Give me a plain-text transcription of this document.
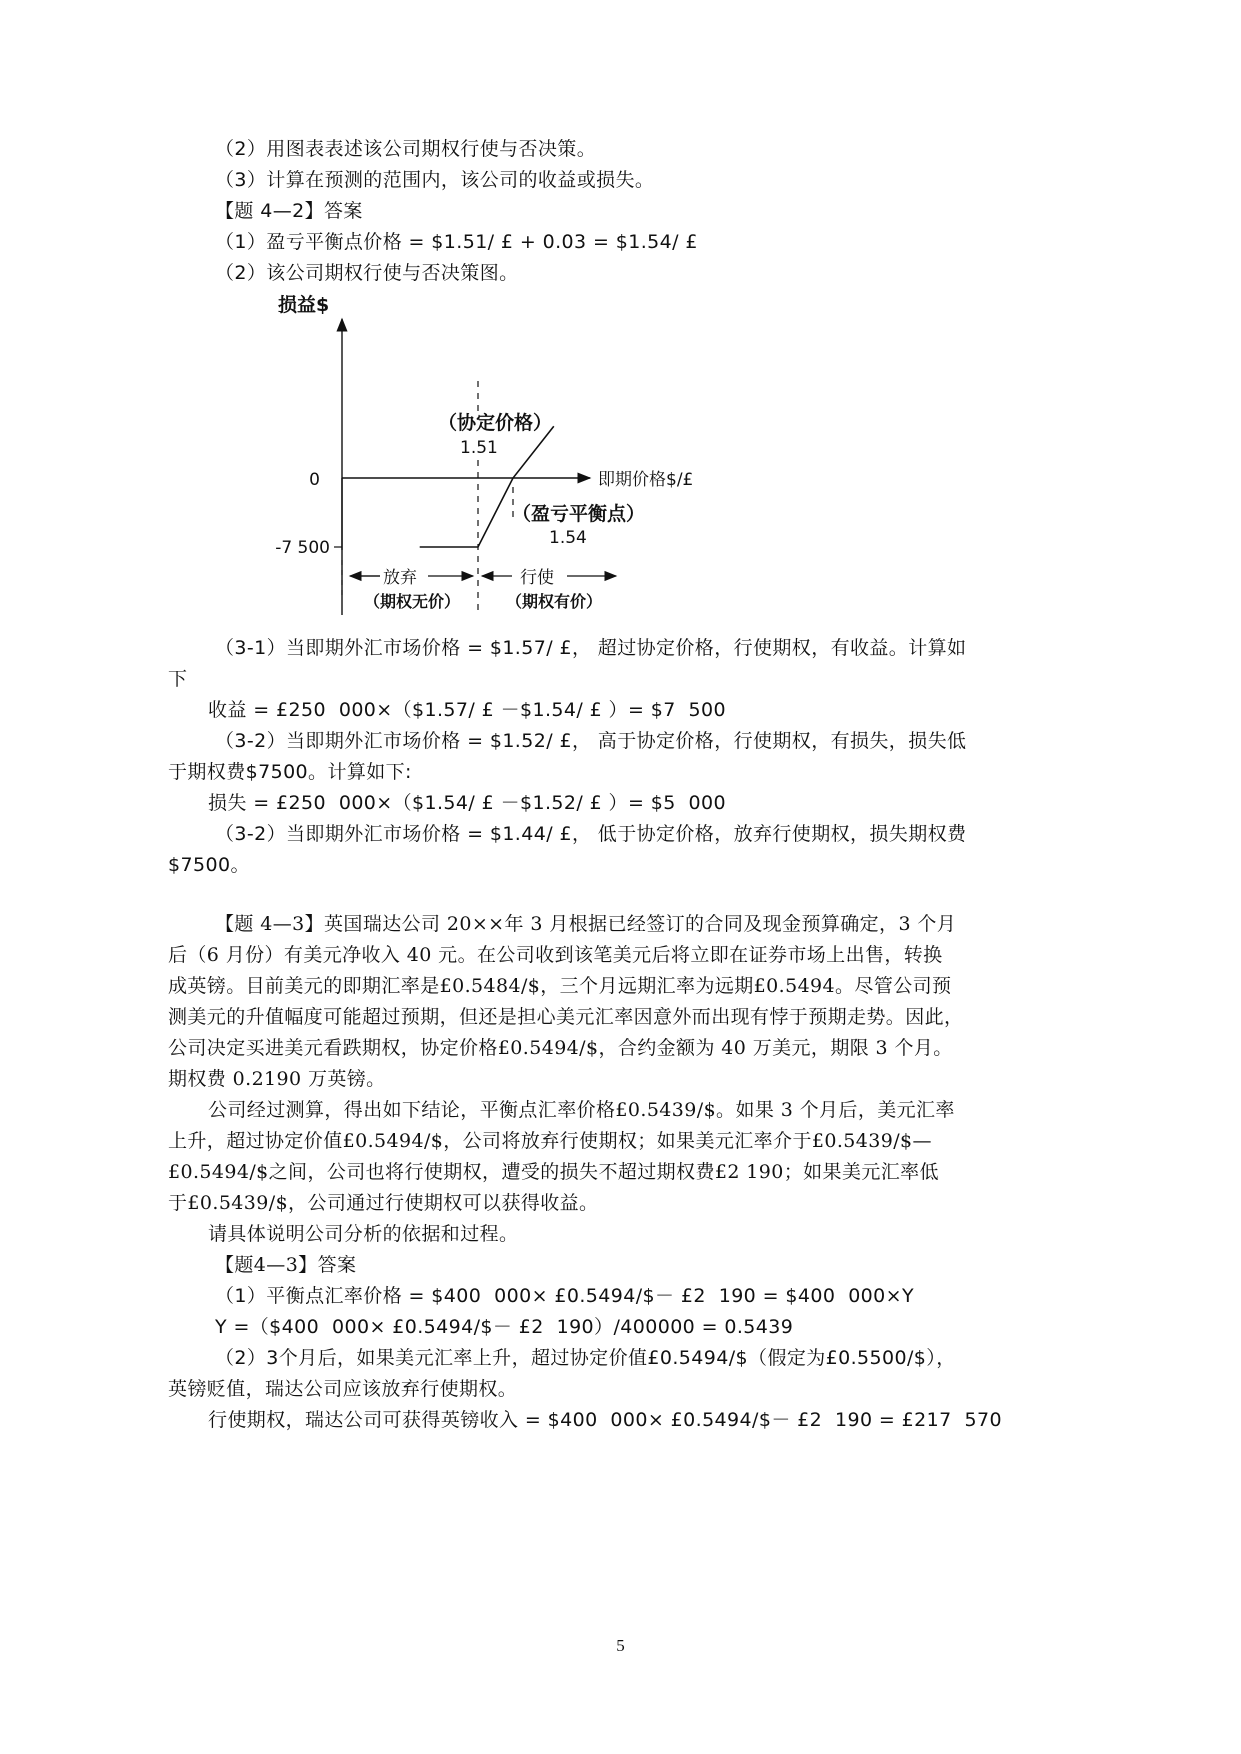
（2）用图表表述该公司期权行使与否决策。
（3）计算在预测的范围内，该公司的收益或损失。
【题 4—2】答案
（1）盈亏平衡点价格 = $1.51/ £ + 0.03 = $1.54/ £
（2）该公司期权行使与否决策图。
0
-7 500
损益$
即期价格$/£
（协定价格）
1.51
（盈亏平衡点）
1.54
放弃	行使
（期权无价）	（期权有价）
（3-1）当即期外汇市场价格 = $1.57/ £， 超过协定价格，行使期权，有收益。计算如
下
收益 = £250  000×（$1.57/ £ －$1.54/ £ ）= $7  500
（3-2）当即期外汇市场价格 = $1.52/ £， 高于协定价格，行使期权，有损失，损失低
于期权费$7500。计算如下:
损失 = £250  000×（$1.54/ £ －$1.52/ £ ）= $5  000
（3-2）当即期外汇市场价格 = $1.44/ £， 低于协定价格，放弃行使期权，损失期权费
$7500。
【题 4—3】英国瑞达公司 20××年 3 月根据已经签订的合同及现金预算确定，3 个月
后（6 月份）有美元净收入 40 元。在公司收到该笔美元后将立即在证券市场上出售，转换
成英镑。目前美元的即期汇率是£0.5484/$，三个月远期汇率为远期£0.5494。尽管公司预
测美元的升值幅度可能超过预期，但还是担心美元汇率因意外而出现有悖于预期走势。因此，
公司决定买进美元看跌期权，协定价格£0.5494/$，合约金额为 40 万美元，期限 3 个月。
期权费 0.2190 万英镑。
公司经过测算，得出如下结论，平衡点汇率价格£0.5439/$。如果 3 个月后，美元汇率
上升，超过协定价值£0.5494/$，公司将放弃行使期权；如果美元汇率介于£0.5439/$—
£0.5494/$之间，公司也将行使期权，遭受的损失不超过期权费£2 190；如果美元汇率低
于£0.5439/$，公司通过行使期权可以获得收益。
请具体说明公司分析的依据和过程。
【题4—3】答案
（1）平衡点汇率价格 = $400  000× £0.5494/$－ £2  190 = $400  000×Y
Y =（$400  000× £0.5494/$－ £2  190）/400000 = 0.5439
（2）3个月后，如果美元汇率上升，超过协定价值£0.5494/$（假定为£0.5500/$），
英镑贬值，瑞达公司应该放弃行使期权。
行使期权，瑞达公司可获得英镑收入 = $400  000× £0.5494/$－ £2  190 = £217  570
5
